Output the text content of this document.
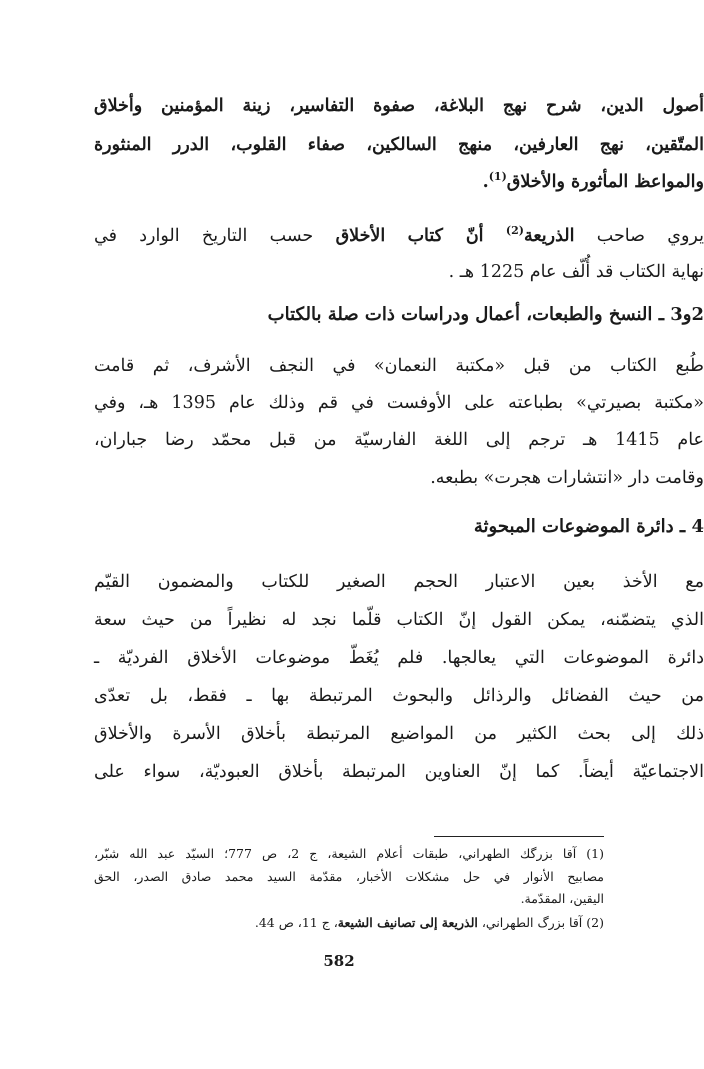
أصول الدين، شرح نهج البلاغة، صفوة التفاسير، زينة المؤمنين وأخلاق
المتّقين، نهج العارفين، منهج السالكين، صفاء القلوب، الدرر المنثورة
والمواعظ المأثورة والأخلاق$^{(1)}$.
يروي صاحب الذريعة$^{(2)}$ أنّ كتاب الأخلاق حسب التاريخ الوارد في
نهاية الكتاب قد أُلّف عام 1225 هـ .
2و3 ـ النسخ والطبعات، أعمال ودراسات ذات صلة بالكتاب
طُبع الكتاب من قبل «مكتبة النعمان» في النجف الأشرف، ثم قامت
«مكتبة بصيرتي» بطباعته على الأوفست في قم وذلك عام 1395 هـ، وفي
عام 1415 هـ ترجم إلى اللغة الفارسيّة من قبل محمّد رضا جباران،
وقامت دار «انتشارات هجرت» بطبعه.
4 ـ دائرة الموضوعات المبحوثة
مع الأخذ بعين الاعتبار الحجم الصغير للكتاب والمضمون القيّم
الذي يتضمّنه، يمكن القول إنّ الكتاب قلّما نجد له نظيراً من حيث سعة
دائرة الموضوعات التي يعالجها. فلم يُغَطّ موضوعات الأخلاق الفرديّة ـ
من حيث الفضائل والرذائل والبحوث المرتبطة بها ـ فقط، بل تعدّى
ذلك إلى بحث الكثير من المواضيع المرتبطة بأخلاق الأسرة والأخلاق
الاجتماعيّة أيضاً. كما إنّ العناوين المرتبطة بأخلاق العبوديّة، سواء على
(1) آقا بزرگك الطهراني، طبقات أعلام الشيعة، ج 2، ص 777؛ السيّد عبد الله شبّر،
مصابيح الأنوار في حل مشكلات الأخبار، مقدّمة السيد محمد صادق الصدر، الحق
اليقين، المقدّمة.
(2) آقا بزرگ الطهراني، الذريعة إلى تصانيف الشيعة، ج 11، ص 44.
582
